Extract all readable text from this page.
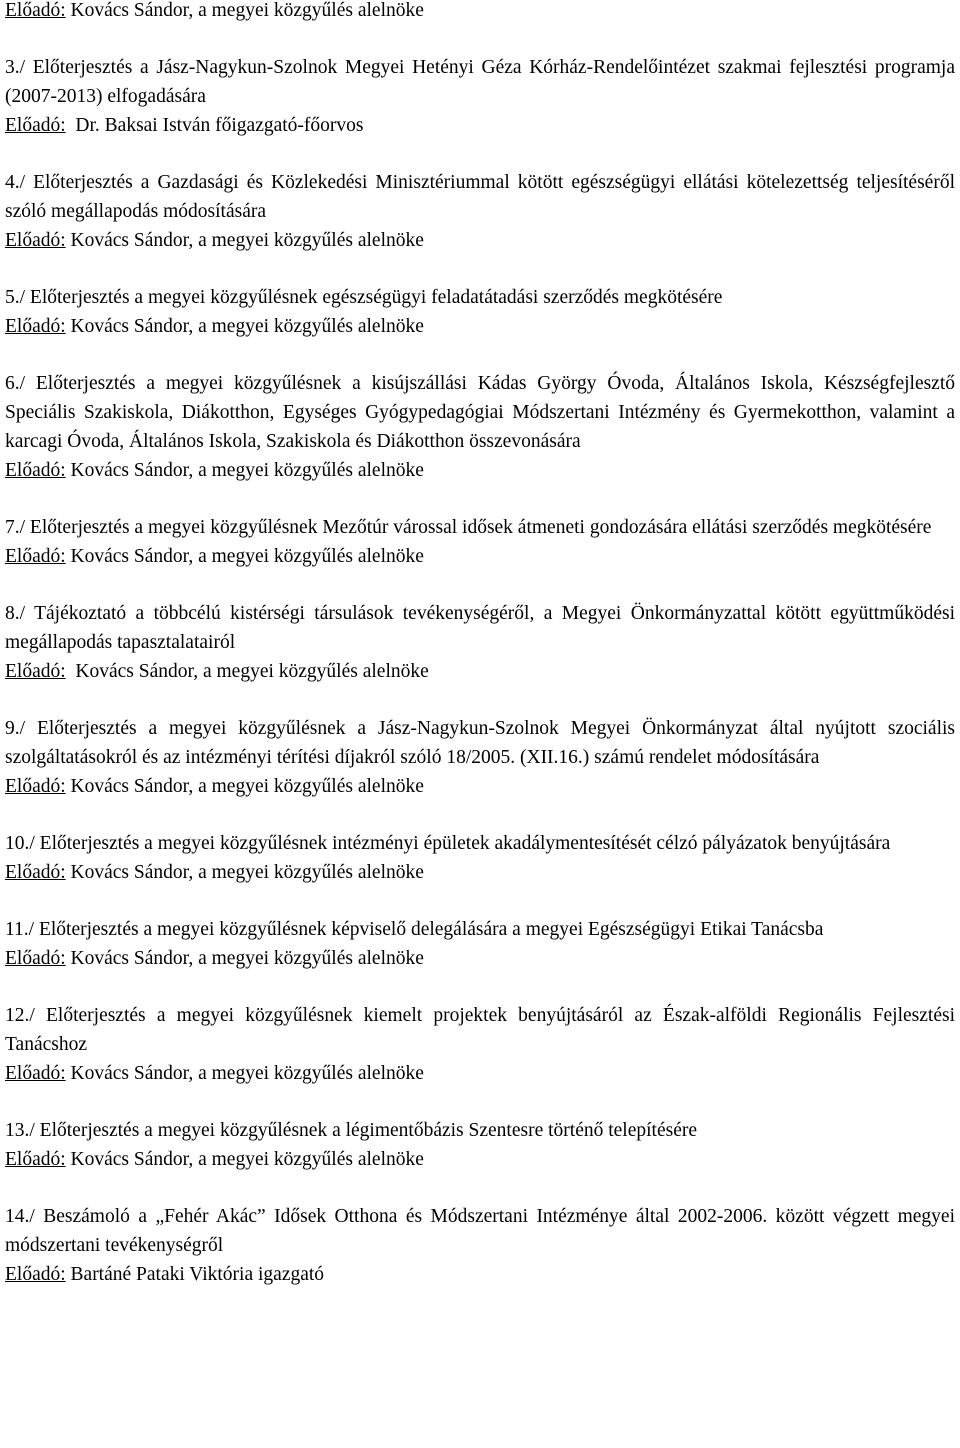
Előadó: Kovács Sándor, a megyei közgyűlés alelnöke

3./ Előterjesztés a Jász-Nagykun-Szolnok Megyei Hetényi Géza Kórház-Rendelőintézet szakmai fejlesztési programja (2007-2013) elfogadására
Előadó: Dr. Baksai István főigazgató-főorvos
4./ Előterjesztés a Gazdasági és Közlekedési Minisztériummal kötött egészségügyi ellátási kötelezettség teljesítéséről szóló megállapodás módosítására
Előadó: Kovács Sándor, a megyei közgyűlés alelnöke
5./ Előterjesztés a megyei közgyűlésnek egészségügyi feladatátadási szerződés megkötésére
Előadó: Kovács Sándor, a megyei közgyűlés alelnöke
6./ Előterjesztés a megyei közgyűlésnek a kisújszállási Kádas György Óvoda, Általános Iskola, Készségfejlesztő Speciális Szakiskola, Diákotthon, Egységes Gyógypedagógiai Módszertani Intézmény és Gyermekotthon, valamint a karcagi Óvoda, Általános Iskola, Szakiskola és Diákotthon összevonására
Előadó: Kovács Sándor, a megyei közgyűlés alelnöke
7./ Előterjesztés a megyei közgyűlésnek Mezőtúr várossal idősek átmeneti gondozására ellátási szerződés megkötésére
Előadó: Kovács Sándor, a megyei közgyűlés alelnöke
8./ Tájékoztató a többcélú kistérségi társulások tevékenységéről, a Megyei Önkormányzattal kötött együttműködési megállapodás tapasztalatairól
Előadó: Kovács Sándor, a megyei közgyűlés alelnöke
9./ Előterjesztés a megyei közgyűlésnek a Jász-Nagykun-Szolnok Megyei Önkormányzat által nyújtott szociális szolgáltatásokról és az intézményi térítési díjakról szóló 18/2005. (XII.16.) számú rendelet módosítására
Előadó: Kovács Sándor, a megyei közgyűlés alelnöke
10./ Előterjesztés a megyei közgyűlésnek intézményi épületek akadálymentesítését célzó pályázatok benyújtására
Előadó: Kovács Sándor, a megyei közgyűlés alelnöke
11./ Előterjesztés a megyei közgyűlésnek képviselő delegálására a megyei Egészségügyi Etikai Tanácsba
Előadó: Kovács Sándor, a megyei közgyűlés alelnöke
12./ Előterjesztés a megyei közgyűlésnek kiemelt projektek benyújtásáról az Észak-alföldi Regionális Fejlesztési Tanácshoz
Előadó: Kovács Sándor, a megyei közgyűlés alelnöke
13./ Előterjesztés a megyei közgyűlésnek a légimentőbázis Szentesre történő telepítésére
Előadó: Kovács Sándor, a megyei közgyűlés alelnöke
14./ Beszámoló a „Fehér Akác” Idősek Otthona és Módszertani Intézménye által 2002-2006. között végzett megyei módszertani tevékenységről
Előadó: Bartáné Pataki Viktória igazgató
